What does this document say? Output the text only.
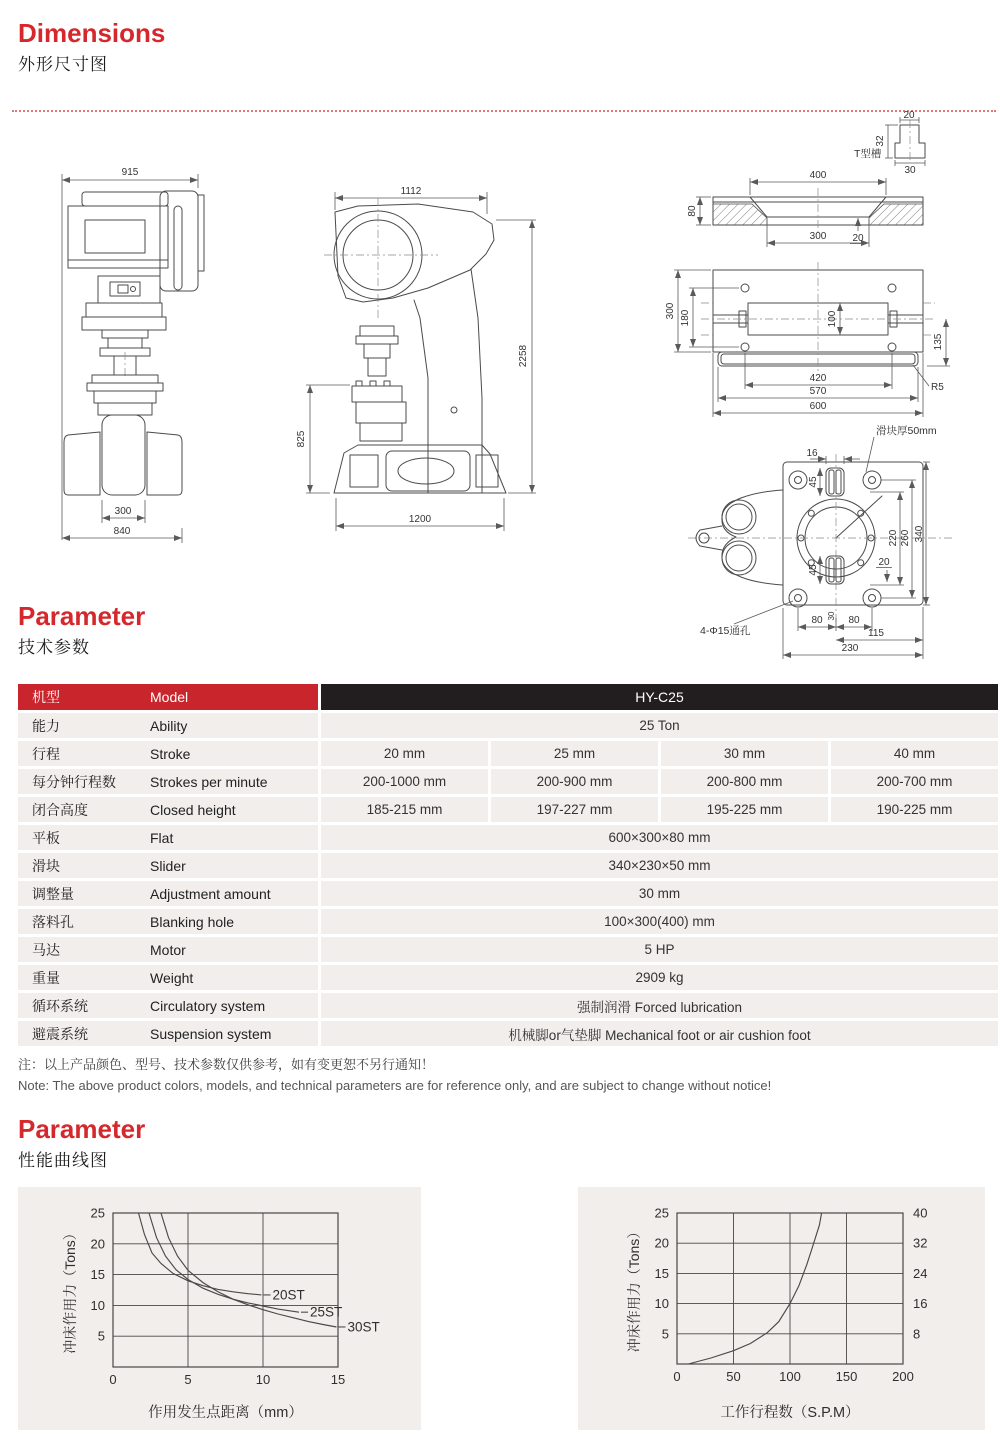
Dimensions
外形尺寸图
915
300
840
1112
2258
825
1200
T型槽
20
32
30
400
80
300	20
300 180	100
135
420
570
600
R5
16
45
45
220 260 340
20
30
80	80
115
230
滑块厚50mm
4-Φ15通孔
Parameter
技术参数
机型	Model	HY-C25
能力	Ability	25 Ton
行程	Stroke	20 mm	25 mm	30 mm	40 mm
每分钟行程数	Strokes per minute	200-1000 mm	200-900 mm	200-800 mm	200-700 mm
闭合高度	Closed height	185-215 mm	197-227 mm	195-225 mm	190-225 mm
平板	Flat	600×300×80 mm
滑块	Slider	340×230×50 mm
调整量	Adjustment amount	30 mm
落料孔	Blanking hole	100×300(400) mm
马达	Motor	5 HP
重量	Weight	2909 kg
循环系统	Circulatory system	强制润滑 Forced lubrication
避震系统	Suspension system	机械脚or气垫脚 Mechanical foot or air cushion foot
注：以上产品颜色、型号、技术参数仅供参考，如有变更恕不另行通知！
Note: The above product colors, models, and technical parameters are for reference only, and are subject to change without notice!
Parameter
性能曲线图
0	5	10	15
5
10
15
20
25
20ST
25ST
30ST
作用发生点距离（mm）
冲床作用力（Tons）
0	50	100	150	200
5	8
10	16
15	24
20	32
25	40
工作行程数（S.P.M）
冲床作用力（Tons）
